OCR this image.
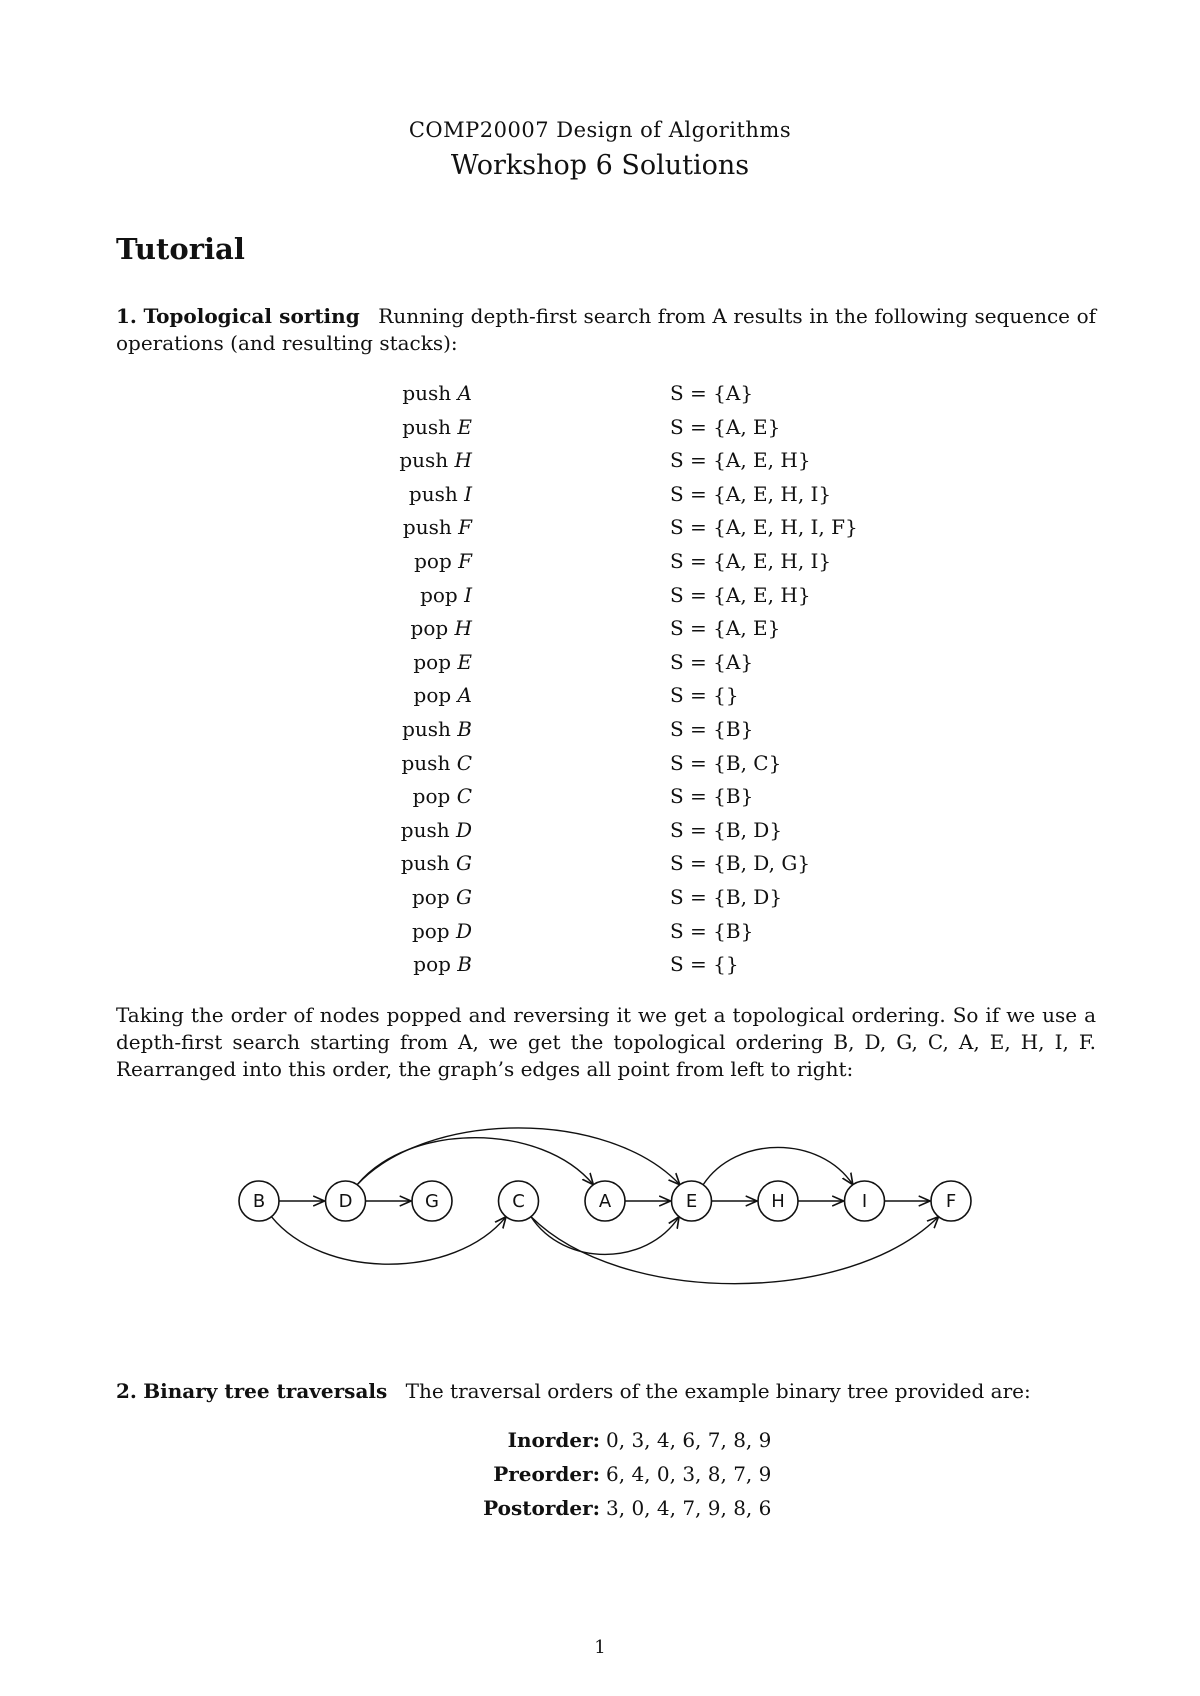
COMP20007 Design of Algorithms
Workshop 6 Solutions
Tutorial
1. Topological sorting Running depth-first search from A results in the following sequence of operations (and resulting stacks):
push A	S = {A}
push E	S = {A, E}
push H	S = {A, E, H}
push I	S = {A, E, H, I}
push F	S = {A, E, H, I, F}
pop F	S = {A, E, H, I}
pop I	S = {A, E, H}
pop H	S = {A, E}
pop E	S = {A}
pop A	S = {}
push B	S = {B}
push C	S = {B, C}
pop C	S = {B}
push D	S = {B, D}
push G	S = {B, D, G}
pop G	S = {B, D}
pop D	S = {B}
pop B	S = {}
Taking the order of nodes popped and reversing it we get a topological ordering. So if we use a depth-first search starting from A, we get the topological ordering B, D, G, C, A, E, H, I, F. Rearranged into this order, the graph’s edges all point from left to right:
B	D	G	C	A	E	H	I	F
2. Binary tree traversals The traversal orders of the example binary tree provided are:
Inorder: 0, 3, 4, 6, 7, 8, 9
Preorder: 6, 4, 0, 3, 8, 7, 9
Postorder: 3, 0, 4, 7, 9, 8, 6
1
